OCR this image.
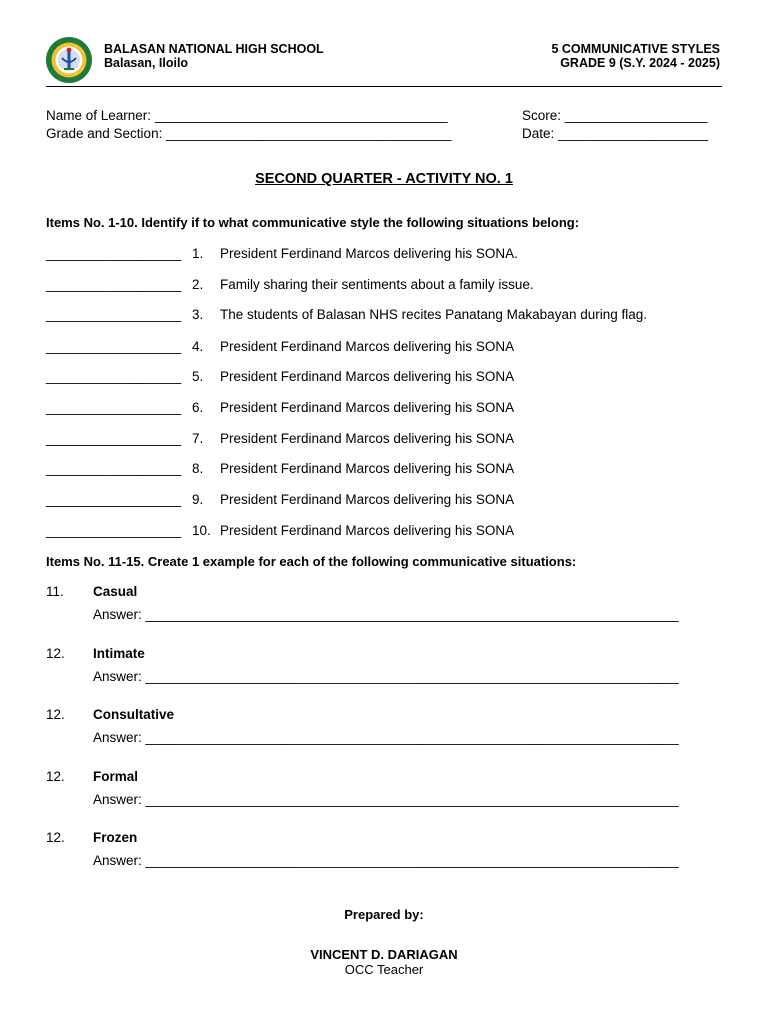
BALASAN NATIONAL HIGH SCHOOL
Balasan, Iloilo
5 COMMUNICATIVE STYLES
GRADE 9 (S.Y. 2024 - 2025)
Name of Learner: _______________________________________
Grade and Section: ______________________________________
Score: ___________________
Date: ____________________
SECOND QUARTER - ACTIVITY NO. 1
Items No. 1-10. Identify if to what communicative style the following situations belong:
__________________ 1. President Ferdinand Marcos delivering his SONA.
__________________ 2. Family sharing their sentiments about a family issue.
__________________ 3. The students of Balasan NHS recites Panatang Makabayan during flag.
__________________ 4. President Ferdinand Marcos delivering his SONA
__________________ 5. President Ferdinand Marcos delivering his SONA
__________________ 6. President Ferdinand Marcos delivering his SONA
__________________ 7. President Ferdinand Marcos delivering his SONA
__________________ 8. President Ferdinand Marcos delivering his SONA
__________________ 9. President Ferdinand Marcos delivering his SONA
__________________ 10. President Ferdinand Marcos delivering his SONA
Items No. 11-15. Create 1 example for each of the following communicative situations:
11. Casual
Answer: _______________________________________________________________________
12. Intimate
Answer: _______________________________________________________________________
12. Consultative
Answer: _______________________________________________________________________
12. Formal
Answer: _______________________________________________________________________
12. Frozen
Answer: _______________________________________________________________________
Prepared by:
VINCENT D. DARIAGAN
OCC Teacher
